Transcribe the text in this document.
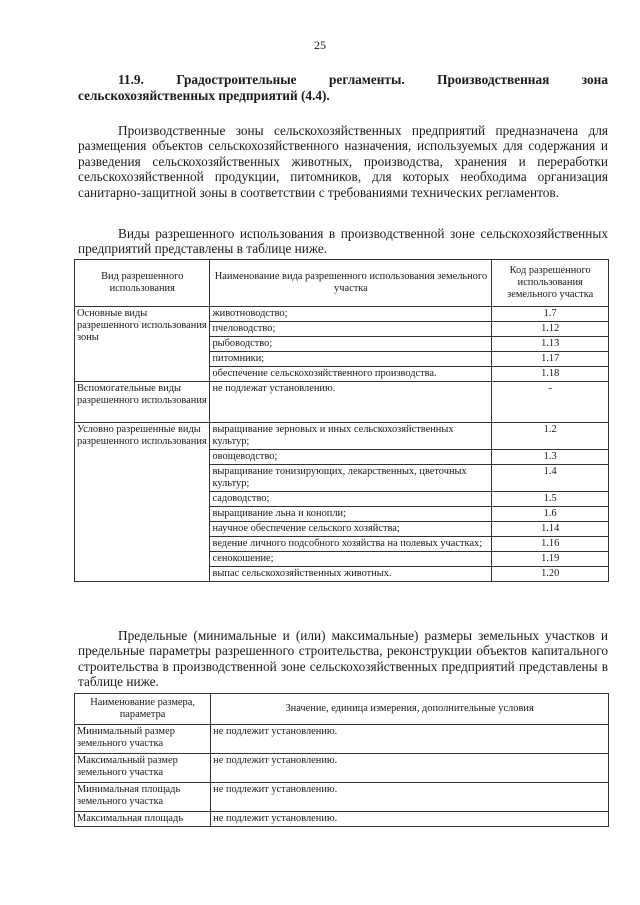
25
11.9. Градостроительные регламенты. Производственная зона сельскохозяйственных предприятий (4.4).
Производственные зоны сельскохозяйственных предприятий предназначена для размещения объектов сельскохозяйственного назначения, используемых для содержания и разведения сельскохозяйственных животных, производства, хранения и переработки сельскохозяйственной продукции, питомников, для которых необходима организация санитарно-защитной зоны в соответствии с требованиями технических регламентов.
Виды разрешенного использования в производственной зоне сельскохозяйственных предприятий представлены в таблице ниже.
Вид разрешенного использования	Наименование вида разрешенного использования земельного участка	Код разрешенного использования земельного участка
Основные виды разрешенного использования зоны	животноводство;	1.7
	пчеловодство;	1.12
	рыбоводство;	1.13
	питомники;	1.17
	обеспечение сельскохозяйственного производства.	1.18
Вспомогательные виды разрешенного использования	не подлежат установлению.	-
Условно разрешенные виды разрешенного использования	выращивание зерновых и иных сельскохозяйственных культур;	1.2
	овощеводство;	1.3
	выращивание тонизирующих, лекарственных, цветочных культур;	1.4
	садоводство;	1.5
	выращивание льна и конопли;	1.6
	научное обеспечение сельского хозяйства;	1.14
	ведение личного подсобного хозяйства на полевых участках;	1.16
	сенокошение;	1.19
	выпас сельскохозяйственных животных.	1.20
Предельные (минимальные и (или) максимальные) размеры земельных участков и предельные параметры разрешенного строительства, реконструкции объектов капитального строительства в производственной зоне сельскохозяйственных предприятий представлены в таблице ниже.
Наименование размера, параметра	Значение, единица измерения, дополнительные условия
Минимальный размер земельного участка	не подлежит установлению.
Максимальный размер земельного участка	не подлежит установлению.
Минимальная площадь земельного участка	не подлежит установлению.
Максимальная площадь	не подлежит установлению.
